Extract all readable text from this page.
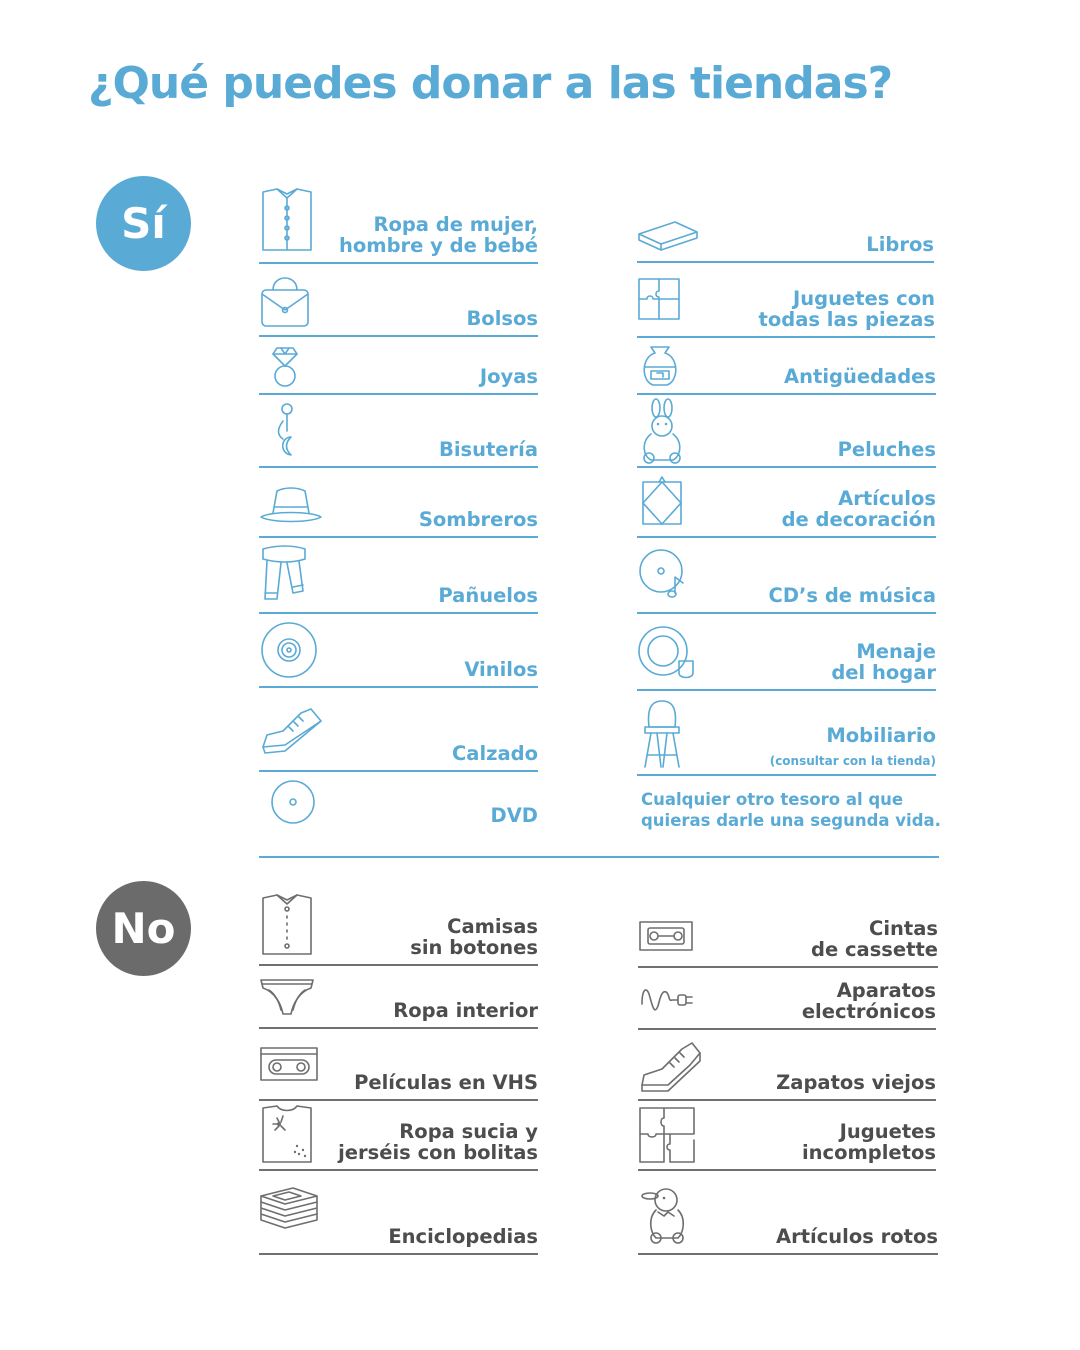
¿Qué puedes donar a las tiendas?
Sí
No
Ropa de mujer,
hombre y de bebé
Bolsos
Joyas
Bisutería
Sombreros
Pañuelos
Vinilos
Calzado
DVD
Libros
Juguetes con
todas las piezas
Antigüedades
Peluches
Artículos
de decoración
CD’s de música
Menaje
del hogar
Mobiliario
(consultar con la tienda)
Cualquier otro tesoro al que
quieras darle una segunda vida.
Camisas
sin botones
Ropa interior
Películas en VHS
Ropa sucia y
jerséis con bolitas
Enciclopedias
Cintas
de cassette
Aparatos
electrónicos
Zapatos viejos
Juguetes
incompletos
Artículos rotos
